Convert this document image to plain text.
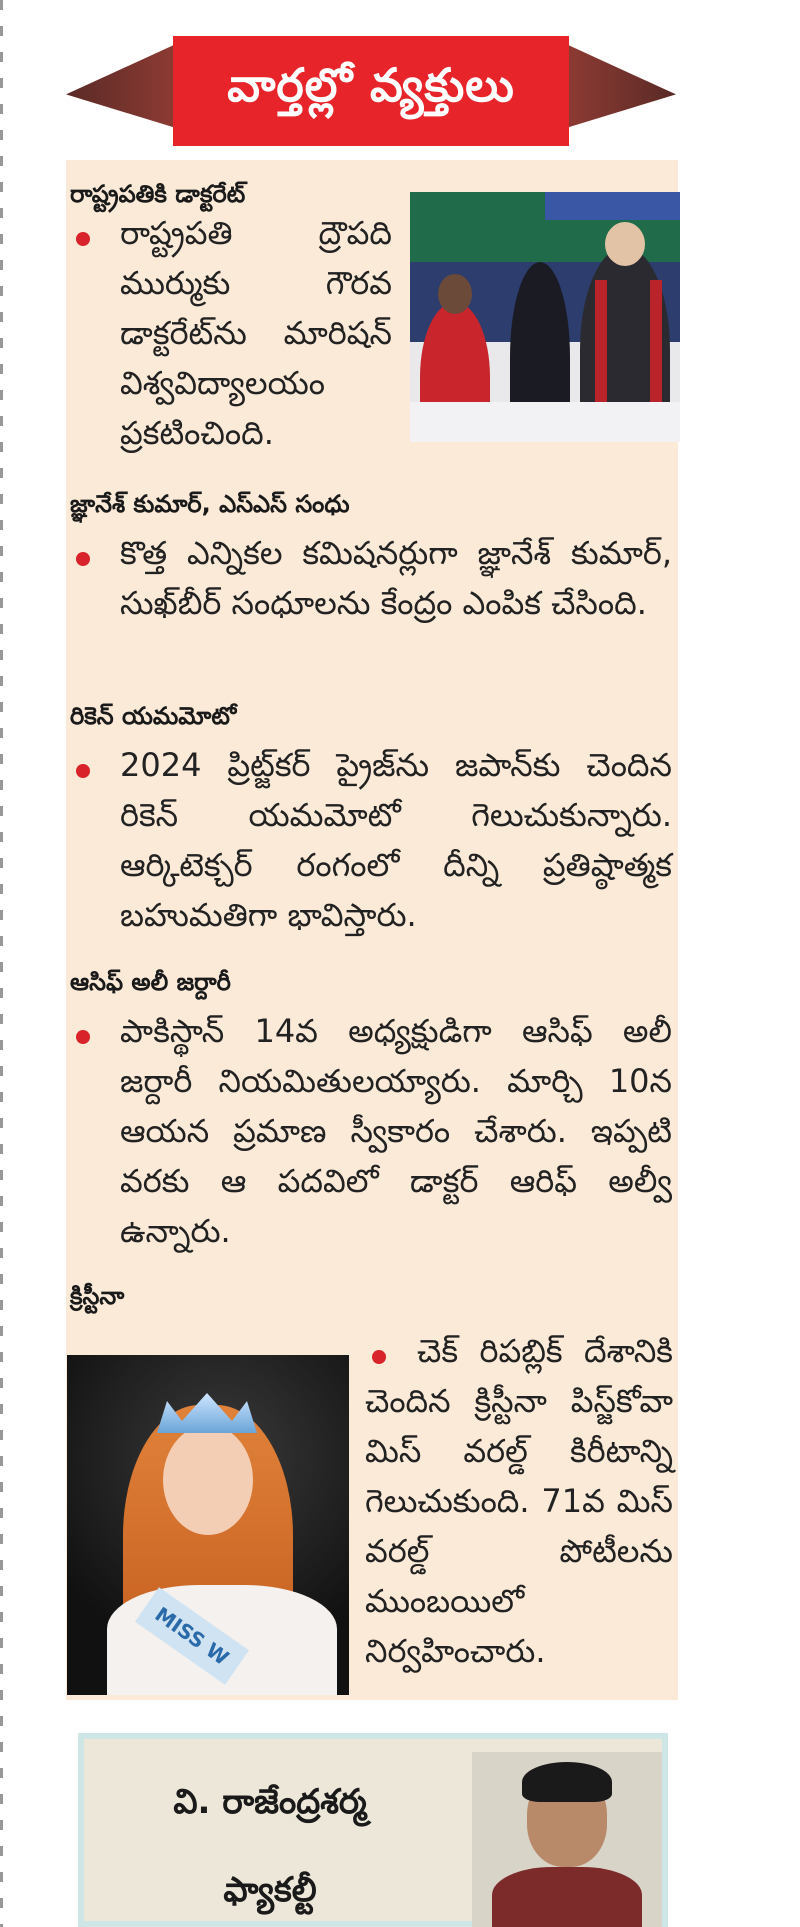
వార్తల్లో వ్యక్తులు
రాష్ట్రపతికి డాక్టరేట్
రాష్ట్రపతి ద్రౌపది ముర్ముకు గౌరవ డాక్టరేట్‌ను మారిషన్ విశ్వవిద్యాలయం ప్రకటించింది.
జ్ఞానేశ్ కుమార్, ఎస్ఎస్ సంధు
కొత్త ఎన్నికల కమిషనర్లుగా జ్ఞానేశ్ కుమార్, సుఖ్‌బీర్ సంధూలను కేంద్రం ఎంపిక చేసింది.
రికెన్ యమమోటో
2024 ప్రిట్జ్‌కర్ ప్రైజ్‌ను జపాన్‌కు చెందిన రికెన్ యమమోటో గెలుచుకున్నారు. ఆర్కిటెక్చర్ రంగంలో దీన్ని ప్రతిష్ఠాత్మక బహుమతిగా భావిస్తారు.
ఆసిఫ్ అలీ జర్దారీ
పాకిస్థాన్ 14వ అధ్యక్షుడిగా ఆసిఫ్ అలీ జర్దారీ నియమితులయ్యారు. మార్చి 10న ఆయన ప్రమాణ స్వీకారం చేశారు. ఇప్పటి వరకు ఆ పదవిలో డాక్టర్ ఆరిఫ్ అల్వీ ఉన్నారు.
క్రిస్టీనా
MISS W
చెక్ రిపబ్లిక్ దేశానికి చెందిన క్రిస్టీనా పిస్జ్‌కోవా మిస్ వరల్డ్ కిరీటాన్ని గెలుచుకుంది. 71వ మిస్ వరల్డ్ పోటీలను ముంబయిలో నిర్వహించారు.
వి. రాజేంద్రశర్మ
ఫ్యాకల్టీ
